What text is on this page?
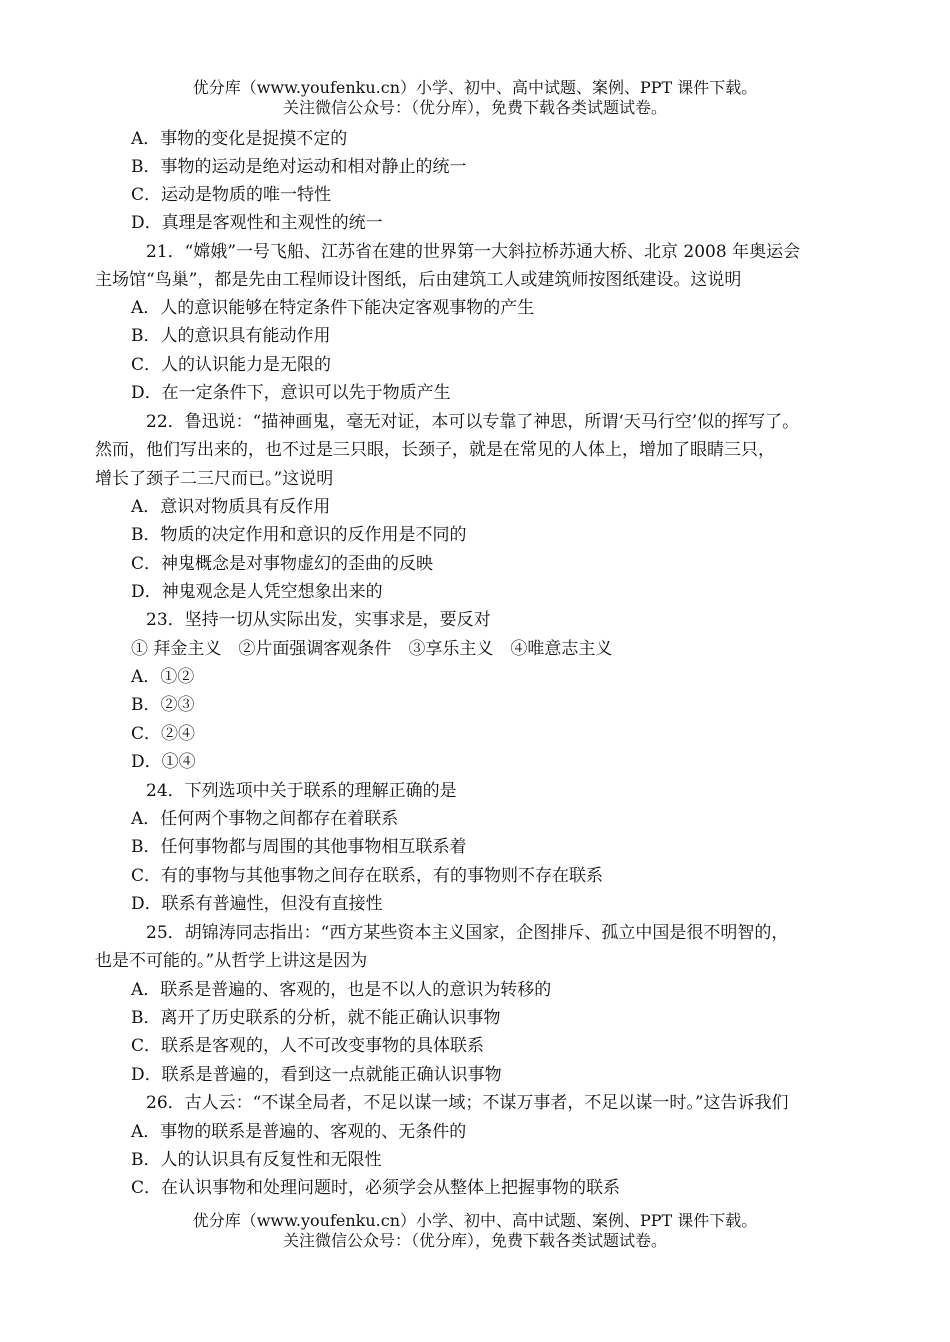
优分库（www.youfenku.cn）小学、初中、高中试题、案例、PPT 课件下载。
关注微信公众号：（优分库），免费下载各类试题试卷。
A．事物的变化是捉摸不定的
B．事物的运动是绝对运动和相对静止的统一
C．运动是物质的唯一特性
D．真理是客观性和主观性的统一
21．“嫦娥”一号飞船、江苏省在建的世界第一大斜拉桥苏通大桥、北京 2008 年奥运会
主场馆“鸟巢”，都是先由工程师设计图纸，后由建筑工人或建筑师按图纸建设。这说明
A．人的意识能够在特定条件下能决定客观事物的产生
B．人的意识具有能动作用
C．人的认识能力是无限的
D．在一定条件下，意识可以先于物质产生
22．鲁迅说：“描神画鬼，毫无对证，本可以专靠了神思，所谓‘天马行空’似的挥写了。
然而，他们写出来的，也不过是三只眼，长颈子，就是在常见的人体上，增加了眼睛三只，
增长了颈子二三尺而已。”这说明
A．意识对物质具有反作用
B．物质的决定作用和意识的反作用是不同的
C．神鬼概念是对事物虚幻的歪曲的反映
D．神鬼观念是人凭空想象出来的
23．坚持一切从实际出发，实事求是，要反对
① 拜金主义　②片面强调客观条件　③享乐主义　④唯意志主义
A．①②
B．②③
C．②④
D．①④
24．下列选项中关于联系的理解正确的是
A．任何两个事物之间都存在着联系
B．任何事物都与周围的其他事物相互联系着
C．有的事物与其他事物之间存在联系，有的事物则不存在联系
D．联系有普遍性，但没有直接性
25．胡锦涛同志指出：“西方某些资本主义国家，企图排斥、孤立中国是很不明智的，
也是不可能的。”从哲学上讲这是因为
A．联系是普遍的、客观的，也是不以人的意识为转移的
B．离开了历史联系的分析，就不能正确认识事物
C．联系是客观的，人不可改变事物的具体联系
D．联系是普遍的，看到这一点就能正确认识事物
26．古人云：“不谋全局者，不足以谋一域；不谋万事者，不足以谋一时。”这告诉我们
A．事物的联系是普遍的、客观的、无条件的
B．人的认识具有反复性和无限性
C．在认识事物和处理问题时，必须学会从整体上把握事物的联系
优分库（www.youfenku.cn）小学、初中、高中试题、案例、PPT 课件下载。
关注微信公众号：（优分库），免费下载各类试题试卷。
